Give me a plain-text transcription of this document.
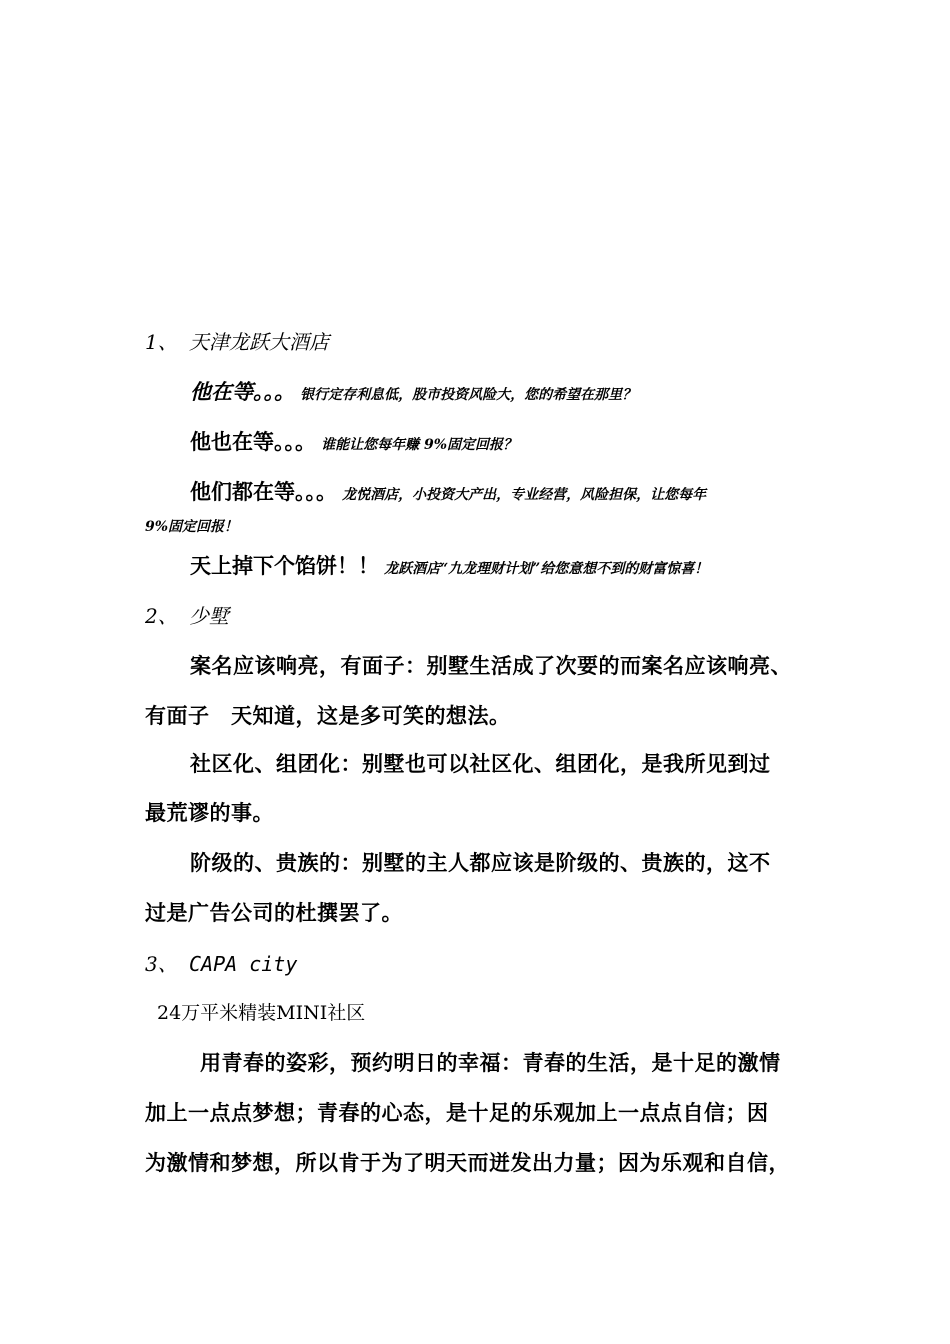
1、 天津龙跃大酒店
他在等。。。 银行定存利息低，股市投资风险大，您的希望在那里？
他也在等。。。 谁能让您每年赚 9%固定回报？
他们都在等。。。 龙悦酒店，小投资大产出，专业经营，风险担保，让您每年
9%固定回报！
天上掉下个馅饼！！ 龙跃酒店“九龙理财计划”给您意想不到的财富惊喜！
2、 少墅
案名应该响亮，有面子：别墅生活成了次要的而案名应该响亮、
有面子　天知道，这是多可笑的想法。
社区化、组团化：别墅也可以社区化、组团化，是我所见到过
最荒谬的事。
阶级的、贵族的：别墅的主人都应该是阶级的、贵族的，这不
过是广告公司的杜撰罢了。
3、 CAPA city
24万平米精装MINI社区
用青春的姿彩，预约明日的幸福：青春的生活，是十足的激情
加上一点点梦想；青春的心态，是十足的乐观加上一点点自信；因
为激情和梦想，所以肯于为了明天而迸发出力量；因为乐观和自信，
